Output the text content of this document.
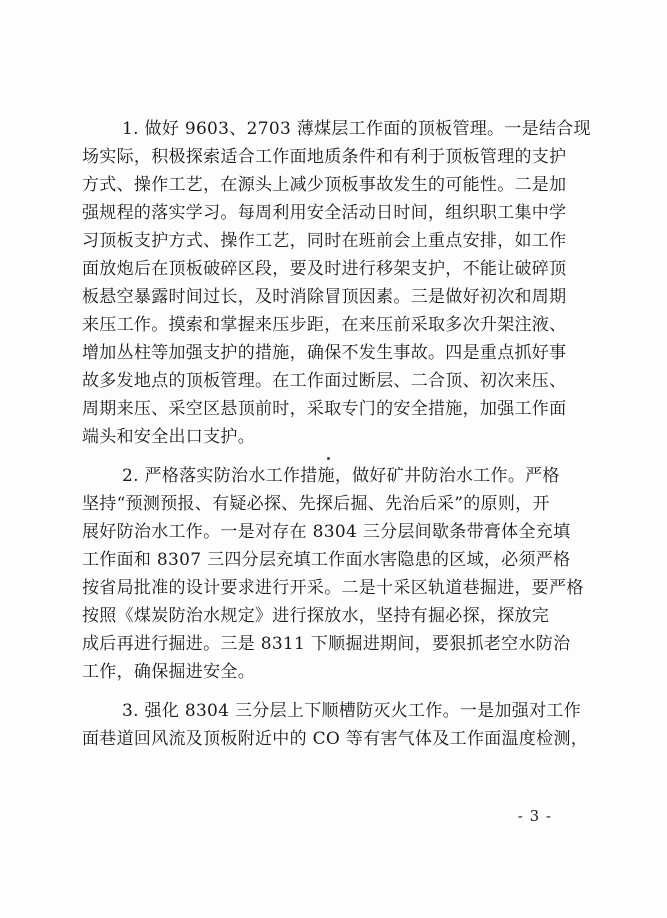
1. 做好 9603、2703 薄煤层工作面的顶板管理。一是结合现
场实际，积极探索适合工作面地质条件和有利于顶板管理的支护
方式、操作工艺，在源头上减少顶板事故发生的可能性。二是加
强规程的落实学习。每周利用安全活动日时间，组织职工集中学
习顶板支护方式、操作工艺，同时在班前会上重点安排，如工作
面放炮后在顶板破碎区段，要及时进行移架支护，不能让破碎顶
板悬空暴露时间过长，及时消除冒顶因素。三是做好初次和周期
来压工作。摸索和掌握来压步距，在来压前采取多次升架注液、
增加丛柱等加强支护的措施，确保不发生事故。四是重点抓好事
故多发地点的顶板管理。在工作面过断层、二合顶、初次来压、
周期来压、采空区悬顶前时，采取专门的安全措施，加强工作面
端头和安全出口支护。
2. 严格落实防治水工作措施，做好矿井防治水工作。严格
坚持“预测预报、有疑必探、先探后掘、先治后采”的原则，开
展好防治水工作。一是对存在 8304 三分层间歇条带膏体全充填
工作面和 8307 三四分层充填工作面水害隐患的区域，必须严格
按省局批准的设计要求进行开采。二是十采区轨道巷掘进，要严格
按照《煤炭防治水规定》进行探放水，坚持有掘必探，探放完
成后再进行掘进。三是 8311 下顺掘进期间，要狠抓老空水防治
工作，确保掘进安全。
3. 强化 8304 三分层上下顺槽防灭火工作。一是加强对工作
面巷道回风流及顶板附近中的 CO 等有害气体及工作面温度检测，
- 3 -
